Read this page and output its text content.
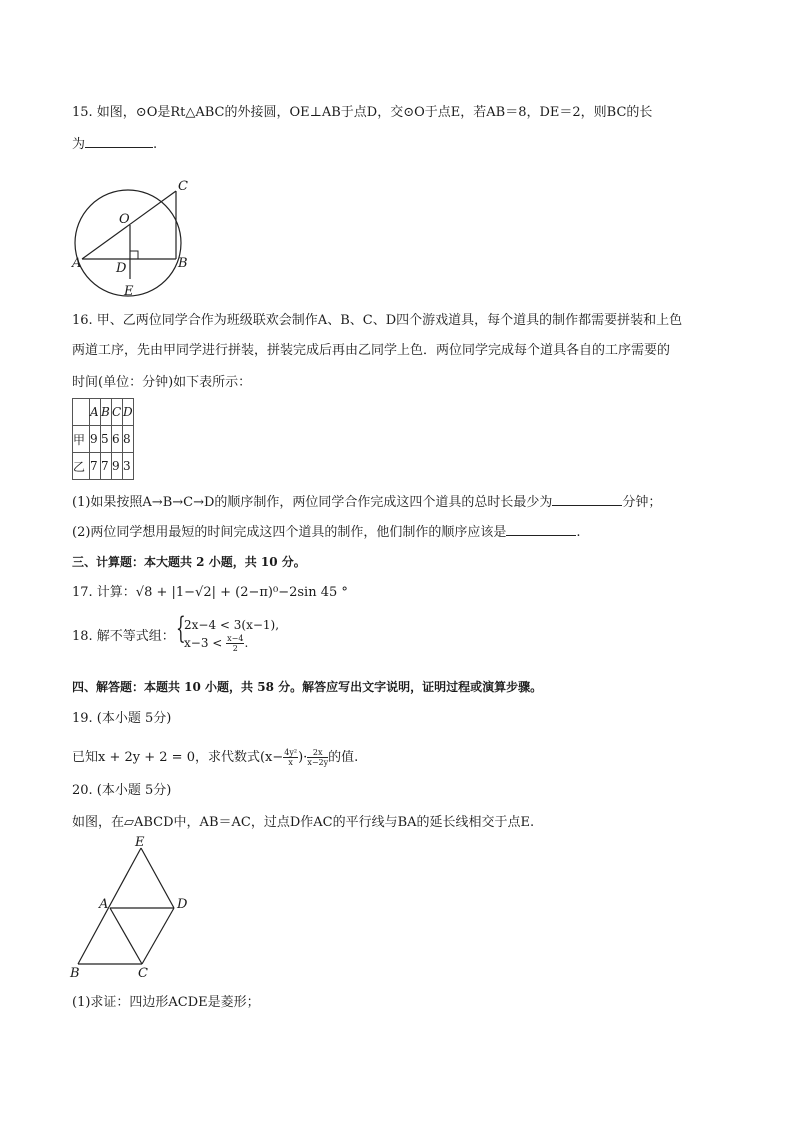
15. 如图，⊙O是Rt△ABC的外接圆，OE⊥AB于点D，交⊙O于点E，若AB＝8，DE＝2，则BC的长
为	.
C
O
A	D	B
E
16. 甲、乙两位同学合作为班级联欢会制作A、B、C、D四个游戏道具，每个道具的制作都需要拼装和上色
两道工序，先由甲同学进行拼装，拼装完成后再由乙同学上色．两位同学完成每个道具各自的工序需要的
时间(单位：分钟)如下表所示：
	A	B	C	D
甲	9	5	6	8
乙	7	7	9	3
(1)如果按照A→B→C→D的顺序制作，两位同学合作完成这四个道具的总时长最少为	分钟；
(2)两位同学想用最短的时间完成这四个道具的制作，他们制作的顺序应该是	.
三、计算题：本大题共 2 小题，共 10 分。
17. 计算：√8 + |1−√2| + (2−π)⁰−2sin 45 °
18. 解不等式组： {
2x−4 < 3(x−1),
$x-3 < \frac{x-4}{2}$ .
四、解答题：本题共 10 小题，共 58 分。解答应写出文字说明，证明过程或演算步骤。
19. (本小题 5分)
已知x + 2y + 2 = 0，求代数式($x- \frac{\text{4y²}}{x}$ )· $\frac{2x}{x-2y}$ 的值.
20. (本小题 5分)
如图，在▱ABCD中，AB＝AC，过点D作AC的平行线与BA的延长线相交于点E.
E
A	D
B	C
(1)求证：四边形ACDE是菱形；
